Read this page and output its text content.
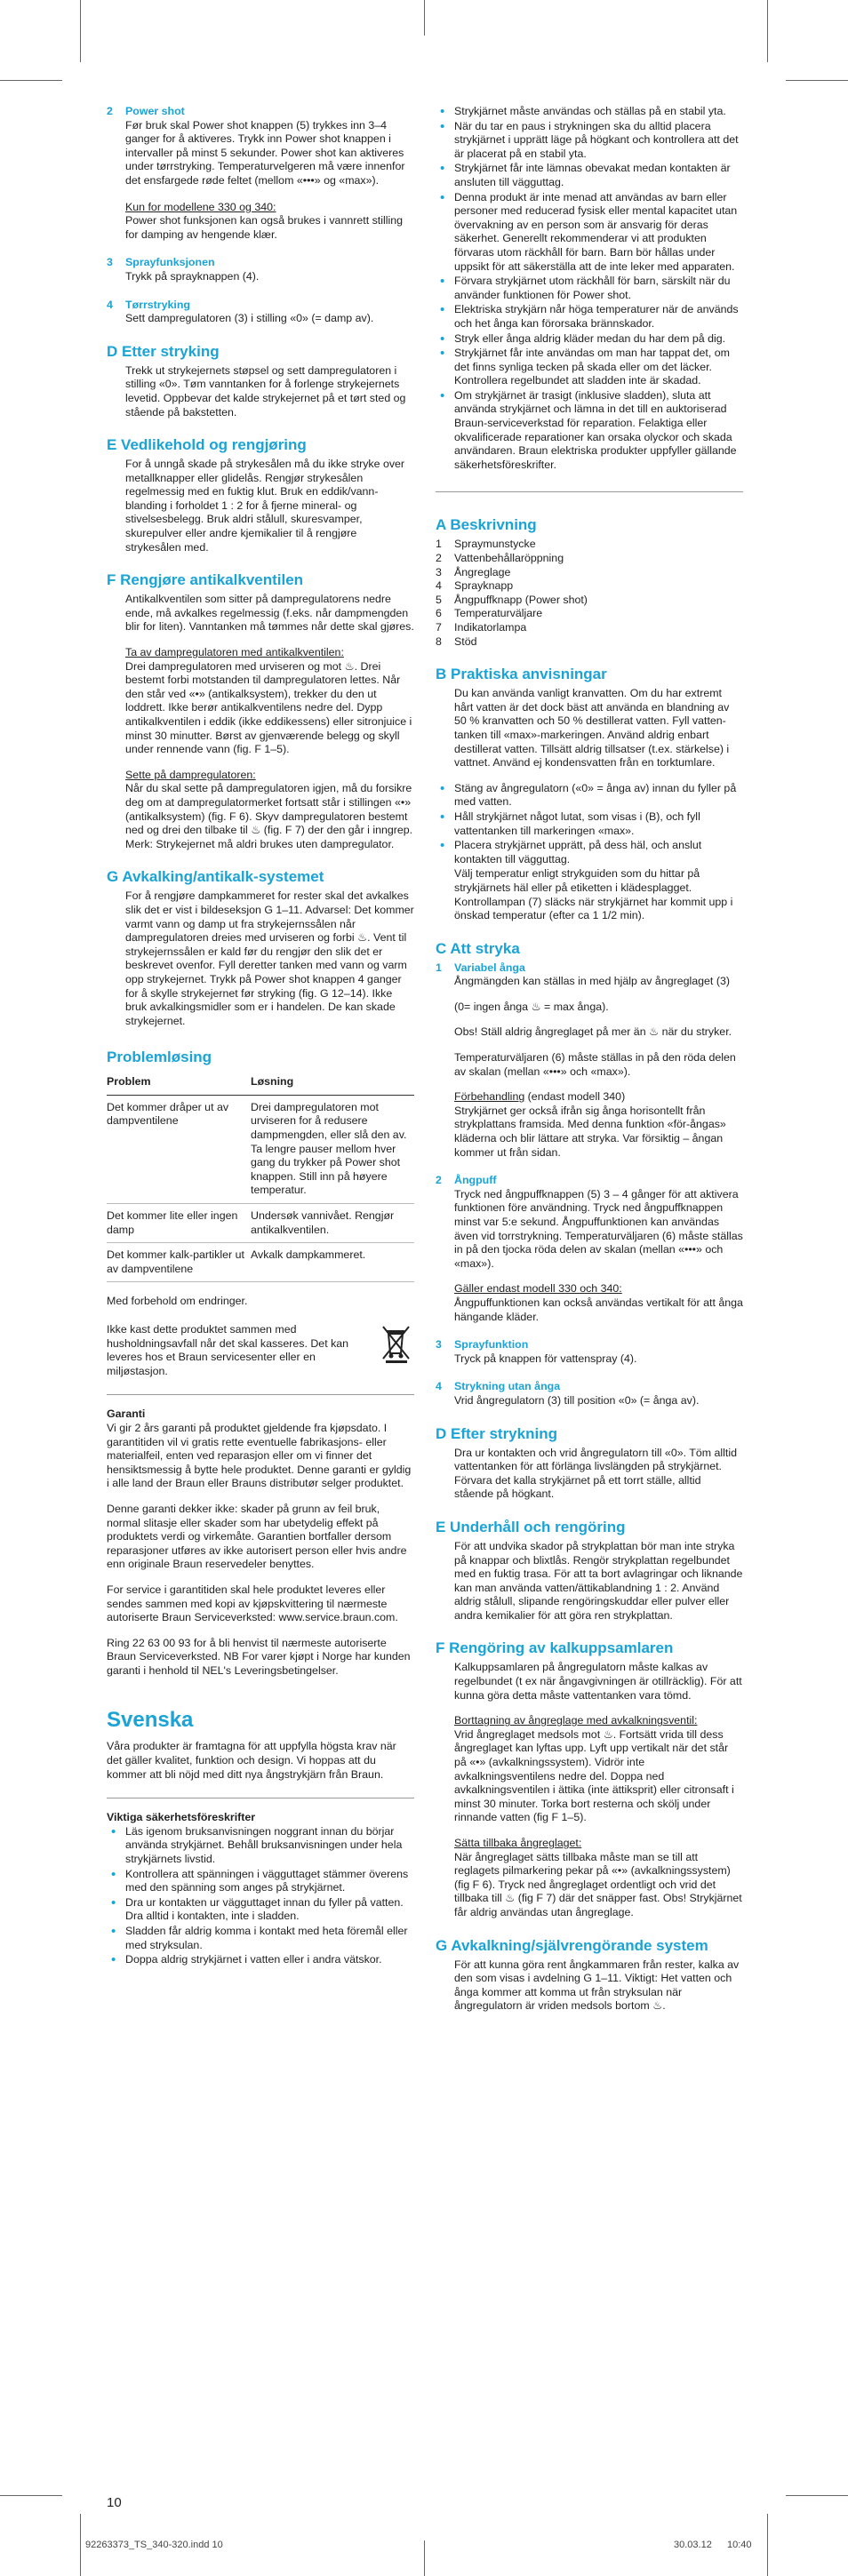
2 Power shot

Før bruk skal Power shot knappen (5) trykkes inn 3–4 ganger for å aktiveres. Trykk inn Power shot knappen i intervaller på minst 5 sekunder. Power shot kan aktiveres under tørrstryking. Temperaturvelgeren må være innenfor det ensfargede røde feltet (mellom «•••» og «max»).

Kun for modellene 330 og 340:

Power shot funksjonen kan også brukes i vannrett stilling for damping av hengende klær.

3 Sprayfunksjonen

Trykk på sprayknappen (4).

4 Tørrstryking

Sett dampregulatoren (3) i stilling «0» (= damp av).

D Etter stryking

Trekk ut strykejernets støpsel og sett dampregulatoren i stilling «0». Tøm vanntanken for å forlenge strykejernets levetid. Oppbevar det kalde strykejernet på et tørt sted og stående på bakstetten.

E Vedlikehold og rengjøring

For å unngå skade på strykesålen må du ikke stryke over metallknapper eller glidelås. Rengjør strykesålen regelmessig med en fuktig klut. Bruk en eddik/vann-blanding i forholdet 1 : 2 for å fjerne mineral- og stivelsesbelegg. Bruk aldri stålull, skuresvamper, skurepulver eller andre kjemikalier til å rengjøre strykesålen med.

F Rengjøre antikalkventilen

Antikalkventilen som sitter på dampregulatorens nedre ende, må avkalkes regelmessig (f.eks. når dampmengden blir for liten). Vanntanken må tømmes når dette skal gjøres.

Ta av dampregulatoren med antikalkventilen:

Drei dampregulatoren med urviseren og mot ♨. Drei bestemt forbi motstanden til dampregulatoren lettes. Når den står ved «•» (antikalksystem), trekker du den ut loddrett. Ikke berør antikalkventilens nedre del. Dypp antikalkventilen i eddik (ikke eddikessens) eller sitronjuice i minst 30 minutter. Børst av gjenværende belegg og skyll under rennende vann (fig. F 1–5).

Sette på dampregulatoren:

Når du skal sette på dampregulatoren igjen, må du forsikre deg om at dampregulatormerket fortsatt står i stillingen «•» (antikalksystem) (fig. F 6). Skyv dampregulatoren bestemt ned og drei den tilbake til ♨ (fig. F 7) der den går i inngrep. Merk: Strykejernet må aldri brukes uten dampregulator.

G Avkalking/antikalk-systemet

For å rengjøre dampkammeret for rester skal det avkalkes slik det er vist i bildeseksjon G 1–11. Advarsel: Det kommer varmt vann og damp ut fra strykejernssålen når dampregulatoren dreies med urviseren og forbi ♨. Vent til strykejernssålen er kald før du rengjør den slik det er beskrevet ovenfor. Fyll deretter tanken med vann og varm opp strykejernet. Trykk på Power shot knappen 4 ganger for å skylle strykejernet før stryking (fig. G 12–14). Ikke bruk avkalkingsmidler som er i handelen. De kan skade strykejernet.

Problemløsing
Problem	Løsning
Det kommer dråper ut av dampventilene	Drei dampregulatoren mot urviseren for å redusere dampmengden, eller slå den av. Ta lengre pauser mellom hver gang du trykker på Power shot knappen. Still inn på høyere temperatur.
Det kommer lite eller ingen damp	Undersøk vannivået. Rengjør antikalkventilen.
Det kommer kalk-partikler ut av dampventilene	Avkalk dampkammeret.

Med forbehold om endringer.

Ikke kast dette produktet sammen med husholdningsavfall når det skal kasseres. Det kan leveres hos et Braun servicesenter eller en miljøstasjon.

Garanti

Vi gir 2 års garanti på produktet gjeldende fra kjøpsdato. I garantitiden vil vi gratis rette eventuelle fabrikasjons- eller materialfeil, enten ved reparasjon eller om vi finner det hensiktsmessig å bytte hele produktet. Denne garanti er gyldig i alle land der Braun eller Brauns distributør selger produktet.

Denne garanti dekker ikke: skader på grunn av feil bruk, normal slitasje eller skader som har ubetydelig effekt på produktets verdi og virkemåte. Garantien bortfaller dersom reparasjoner utføres av ikke autorisert person eller hvis andre enn originale Braun reservedeler benyttes.

For service i garantitiden skal hele produktet leveres eller sendes sammen med kopi av kjøpskvittering til nærmeste autoriserte Braun Serviceverksted: www.service.braun.com.

Ring 22 63 00 93 for å bli henvist til nærmeste autoriserte Braun Serviceverksted. NB For varer kjøpt i Norge har kunden garanti i henhold til NEL's Leveringsbetingelser.

Svenska

Våra produkter är framtagna för att uppfylla högsta krav när det gäller kvalitet, funktion och design. Vi hoppas att du kommer att bli nöjd med ditt nya ångstrykjärn från Braun.

Viktiga säkerhetsföreskrifter

• Läs igenom bruksanvisningen noggrant innan du börjar använda strykjärnet. Behåll bruksanvisningen under hela strykjärnets livstid.
• Kontrollera att spänningen i vägguttaget stämmer överens med den spänning som anges på strykjärnet.
• Dra ur kontakten ur vägguttaget innan du fyller på vatten. Dra alltid i kontakten, inte i sladden.
• Sladden får aldrig komma i kontakt med heta föremål eller med stryksulan.
• Doppa aldrig strykjärnet i vatten eller i andra vätskor.
• Strykjärnet måste användas och ställas på en stabil yta.
• När du tar en paus i strykningen ska du alltid placera strykjärnet i upprätt läge på högkant och kontrollera att det är placerat på en stabil yta.
• Strykjärnet får inte lämnas obevakat medan kontakten är ansluten till vägguttag.
• Denna produkt är inte menad att användas av barn eller personer med reducerad fysisk eller mental kapacitet utan övervakning av en person som är ansvarig för deras säkerhet. Generellt rekommenderar vi att produkten förvaras utom räckhåll för barn. Barn bör hållas under uppsikt för att säkerställa att de inte leker med apparaten.
• Förvara strykjärnet utom räckhåll för barn, särskilt när du använder funktionen för Power shot.
• Elektriska strykjärn når höga temperaturer när de används och het ånga kan förorsaka brännskador.
• Stryk eller ånga aldrig kläder medan du har dem på dig.
• Strykjärnet får inte användas om man har tappat det, om det finns synliga tecken på skada eller om det läcker. Kontrollera regelbundet att sladden inte är skadad.
• Om strykjärnet är trasigt (inklusive sladden), sluta att använda strykjärnet och lämna in det till en auktoriserad Braun-serviceverkstad för reparation. Felaktiga eller okvalificerade reparationer kan orsaka olyckor och skada användaren. Braun elektriska produkter uppfyller gällande säkerhetsföreskrifter.
A Beskrivning
1	Spraymunstycke
2	Vattenbehållaröppning
3	Ångreglage
4	Sprayknapp
5	Ångpuffknapp (Power shot)
6	Temperaturväljare
7	Indikatorlampa
8	Stöd
B Praktiska anvisningar

Du kan använda vanligt kranvatten. Om du har extremt hårt vatten är det dock bäst att använda en blandning av 50 % kranvatten och 50 % destillerat vatten. Fyll vatten-tanken till «max»-markeringen. Använd aldrig enbart destillerat vatten. Tillsätt aldrig tillsatser (t.ex. stärkelse) i vattnet. Använd ej kondensvatten från en torktumlare.

• Stäng av ångregulatorn («0» = ånga av) innan du fyller på med vatten.
• Håll strykjärnet något lutat, som visas i (B), och fyll vattentanken till markeringen «max».
• Placera strykjärnet upprätt, på dess häl, och anslut kontakten till vägguttag.

Välj temperatur enligt strykguiden som du hittar på strykjärnets häl eller på etiketten i klädesplagget. Kontrollampan (7) släcks när strykjärnet har kommit upp i önskad temperatur (efter ca 1 1/2 min).

C Att stryka
1 Variabel ånga

Ångmängden kan ställas in med hjälp av ångreglaget (3)

(0= ingen ånga ♨ = max ånga).

Obs! Ställ aldrig ångreglaget på mer än ♨ när du stryker.

Temperaturväljaren (6) måste ställas in på den röda delen av skalan (mellan «•••» och «max»).

Förbehandling (endast modell 340)

Strykjärnet ger också ifrån sig ånga horisontellt från strykplattans framsida. Med denna funktion «för-ångas» kläderna och blir lättare att stryka. Var försiktig – ångan kommer ut från sidan.

2 Ångpuff

Tryck ned ångpuffknappen (5) 3 – 4 gånger för att aktivera funktionen före användning. Tryck ned ångpuffknappen minst var 5:e sekund. Ångpuffunktionen kan användas även vid torrstrykning. Temperaturväljaren (6) måste ställas in på den tjocka röda delen av skalan (mellan «•••» och «max»).

Gäller endast modell 330 och 340:

Ångpuffunktionen kan också användas vertikalt för att ånga hängande kläder.

3 Sprayfunktion

Tryck på knappen för vattenspray (4).

4 Strykning utan ånga

Vrid ångregulatorn (3) till position «0» (= ånga av).

D Efter strykning

Dra ur kontakten och vrid ångregulatorn till «0». Töm alltid vattentanken för att förlänga livslängden på strykjärnet. Förvara det kalla strykjärnet på ett torrt ställe, alltid stående på högkant.

E Underhåll och rengöring

För att undvika skador på strykplattan bör man inte stryka på knappar och blixtlås. Rengör strykplattan regelbundet med en fuktig trasa. För att ta bort avlagringar och liknande kan man använda vatten/ättikablandning 1 : 2. Använd aldrig stålull, slipande rengöringskuddar eller pulver eller andra kemikalier för att göra ren strykplattan.

F Rengöring av kalkuppsamlaren

Kalkuppsamlaren på ångregulatorn måste kalkas av regelbundet (t ex när ångavgivningen är otillräcklig). För att kunna göra detta måste vattentanken vara tömd.

Borttagning av ångreglage med avkalkningsventil:

Vrid ångreglaget medsols mot ♨. Fortsätt vrida till dess ångreglaget kan lyftas upp. Lyft upp vertikalt när det står på «•» (avkalkningssystem). Vidrör inte avkalkningsventilens nedre del. Doppa ned avkalkningsventilen i ättika (inte ättiksprit) eller citronsaft i minst 30 minuter. Torka bort resterna och skölj under rinnande vatten (fig F 1–5).

Sätta tillbaka ångreglaget:

När ångreglaget sätts tillbaka måste man se till att reglagets pilmarkering pekar på «•» (avkalkningssystem) (fig F 6). Tryck ned ångreglaget ordentligt och vrid det tillbaka till ♨ (fig F 7) där det snäpper fast. Obs! Strykjärnet får aldrig användas utan ångreglage.

G Avkalkning/självrengörande system

För att kunna göra rent ångkammaren från rester, kalka av den som visas i avdelning G 1–11. Viktigt: Het vatten och ånga kommer att komma ut från stryksulan när ångregulatorn är vriden medsols bortom ♨.

10
92263373_TS_340-320.indd 10	30.03.12 10:40
